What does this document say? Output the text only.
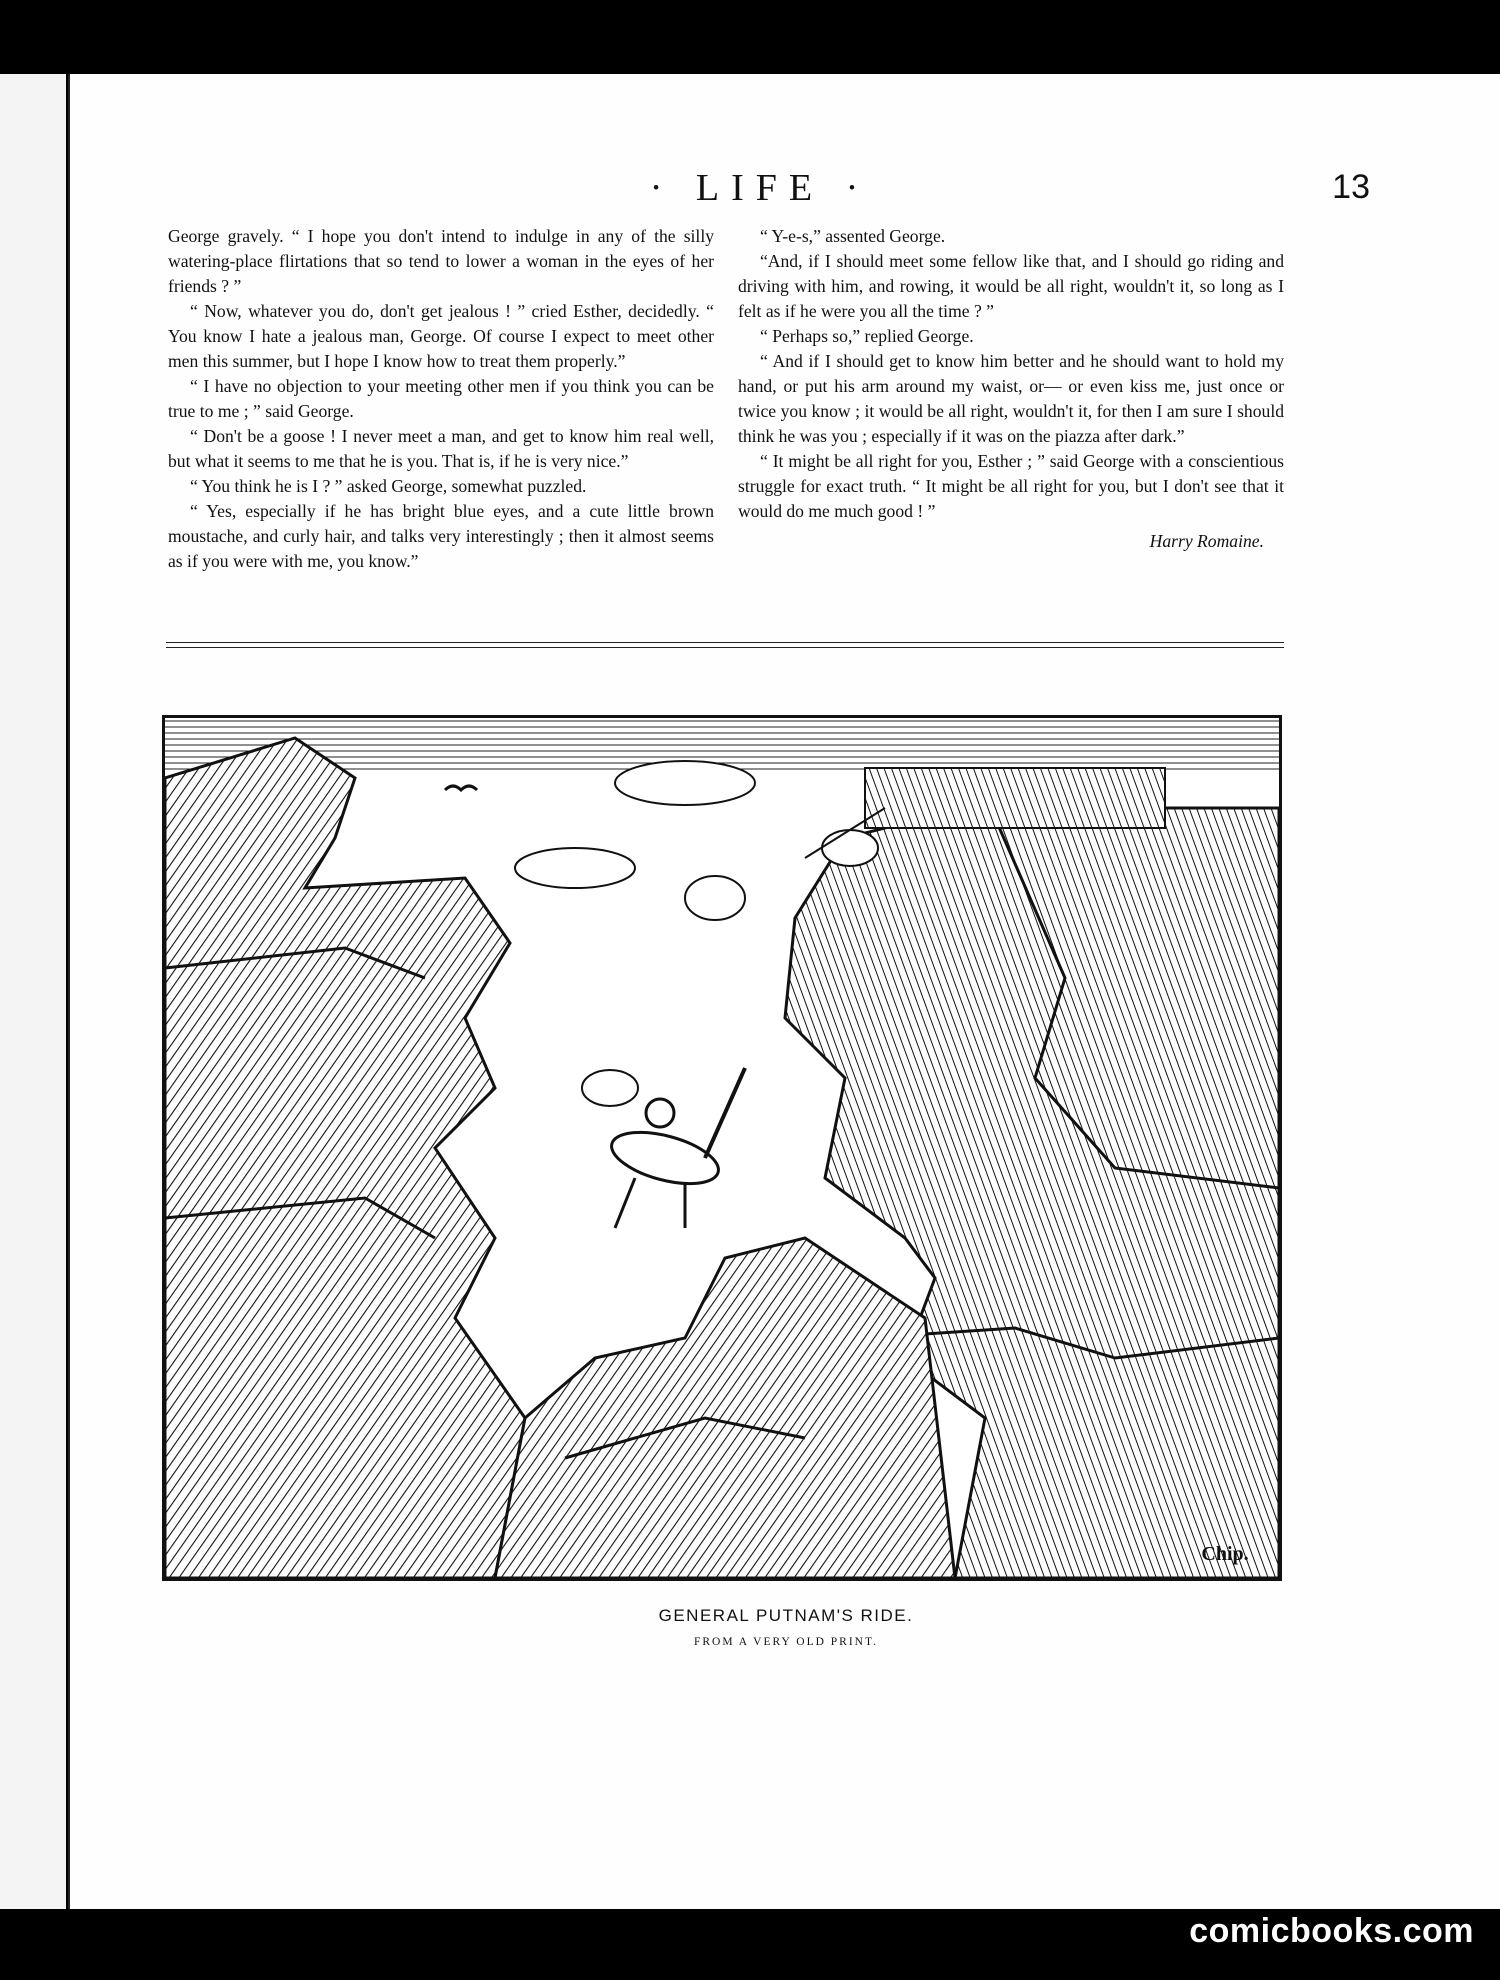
· LIFE ·	13

George gravely. “ I hope you don't intend to indulge in any of the silly watering-place flirtations that so tend to lower a woman in the eyes of her friends ? ”

“ Now, whatever you do, don't get jealous ! ” cried Esther, decidedly. “ You know I hate a jealous man, George. Of course I expect to meet other men this summer, but I hope I know how to treat them properly.”

“ I have no objection to your meeting other men if you think you can be true to me ; ” said George.

“ Don't be a goose ! I never meet a man, and get to know him real well, but what it seems to me that he is you. That is, if he is very nice.”

“ You think he is I ? ” asked George, somewhat puzzled.

“ Yes, especially if he has bright blue eyes, and a cute little brown moustache, and curly hair, and talks very interestingly ; then it almost seems as if you were with me, you know.”

“ Y-e-s,” assented George.

“And, if I should meet some fellow like that, and I should go riding and driving with him, and rowing, it would be all right, wouldn't it, so long as I felt as if he were you all the time ? ”

“ Perhaps so,” replied George.

“ And if I should get to know him better and he should want to hold my hand, or put his arm around my waist, or— or even kiss me, just once or twice you know ; it would be all right, wouldn't it, for then I am sure I should think he was you ; especially if it was on the piazza after dark.”

“ It might be all right for you, Esther ; ” said George with a conscientious struggle for exact truth. “ It might be all right for you, but I don't see that it would do me much good ! ”

Harry Romaine.
Chip.
GENERAL PUTNAM'S RIDE.
FROM A VERY OLD PRINT.
comicbooks.com
